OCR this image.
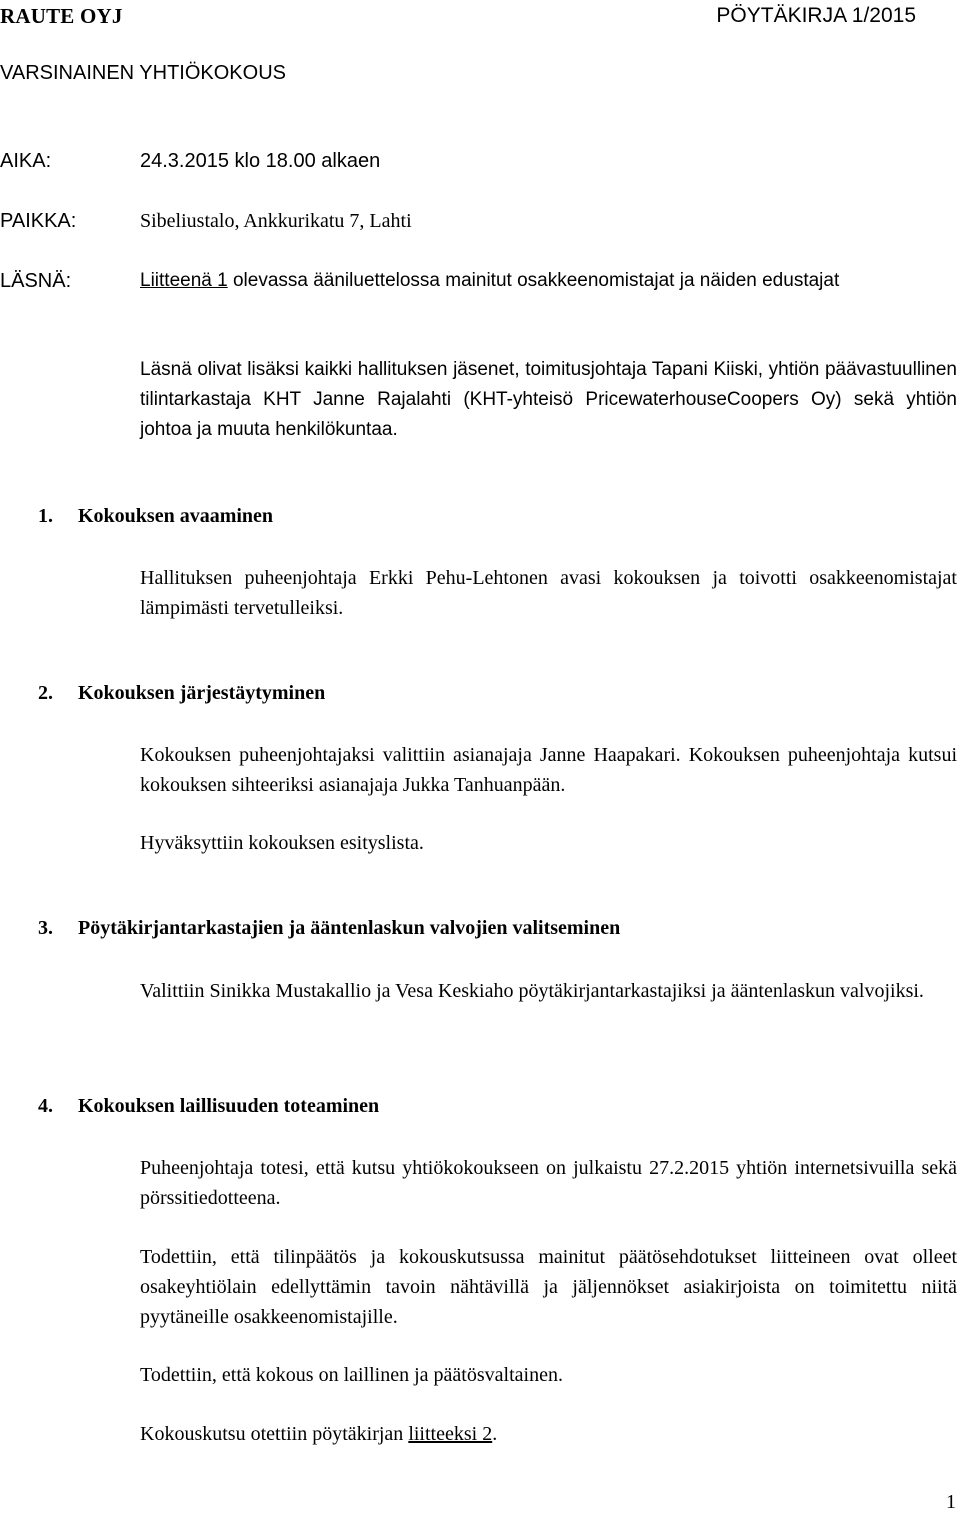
RAUTE OYJ	PÖYTÄKIRJA 1/2015
VARSINAINEN YHTIÖKOKOUS
AIKA:	24.3.2015 klo 18.00 alkaen
PAIKKA:	Sibeliustalo, Ankkurikatu 7, Lahti
LÄSNÄ:	Liitteenä 1 olevassa ääniluettelossa mainitut osakkeenomistajat ja näiden edustajat
Läsnä olivat lisäksi kaikki hallituksen jäsenet, toimitusjohtaja Tapani Kiiski, yhtiön päävastuullinen tilintarkastaja KHT Janne Rajalahti (KHT-yhteisö PricewaterhouseCoopers Oy) sekä yhtiön johtoa ja muuta henkilökuntaa.
1. Kokouksen avaaminen
Hallituksen puheenjohtaja Erkki Pehu-Lehtonen avasi kokouksen ja toivotti osakkeenomistajat lämpimästi tervetulleiksi.
2. Kokouksen järjestäytyminen
Kokouksen puheenjohtajaksi valittiin asianajaja Janne Haapakari. Kokouksen puheenjohtaja kutsui kokouksen sihteeriksi asianajaja Jukka Tanhuanpään.
Hyväksyttiin kokouksen esityslista.
3. Pöytäkirjantarkastajien ja ääntenlaskun valvojien valitseminen
Valittiin Sinikka Mustakallio ja Vesa Keskiaho pöytäkirjantarkastajiksi ja ääntenlaskun valvojiksi.
4. Kokouksen laillisuuden toteaminen
Puheenjohtaja totesi, että kutsu yhtiökokoukseen on julkaistu 27.2.2015 yhtiön internetsivuilla sekä pörssitiedotteena.
Todettiin, että tilinpäätös ja kokouskutsussa mainitut päätösehdotukset liitteineen ovat olleet osakeyhtiölain edellyttämin tavoin nähtävillä ja jäljennökset asiakirjoista on toimitettu niitä pyytäneille osakkeenomistajille.
Todettiin, että kokous on laillinen ja päätösvaltainen.
Kokouskutsu otettiin pöytäkirjan liitteeksi 2.
1
